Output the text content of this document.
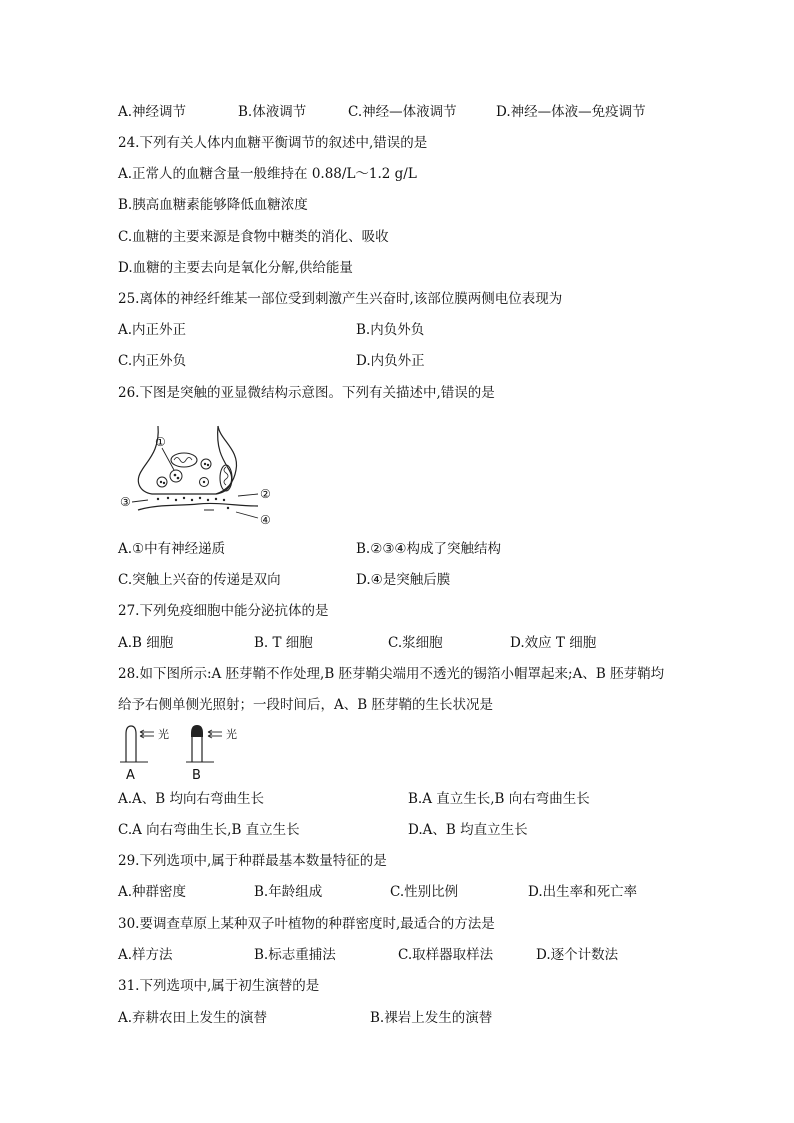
A.神经调节	B.体液调节	C.神经—体液调节	D.神经—体液—免疫调节
24.下列有关人体内血糖平衡调节的叙述中,错误的是
A.正常人的血糖含量一般维持在 0.88/L～1.2 g/L
B.胰高血糖素能够降低血糖浓度
C.血糖的主要来源是食物中糖类的消化、吸收
D.血糖的主要去向是氧化分解,供给能量
25.离体的神经纤维某一部位受到刺激产生兴奋时,该部位膜两侧电位表现为
A.内正外正	B.内负外负
C.内正外负	D.内负外正
26.下图是突触的亚显微结构示意图。下列有关描述中,错误的是
①
②
③
④
A.①中有神经递质	B.②③④构成了突触结构
C.突触上兴奋的传递是双向	D.④是突触后膜
27.下列免疫细胞中能分泌抗体的是
A.B 细胞	B. T 细胞	C.浆细胞	D.效应 T 细胞
28.如下图所示:A 胚芽鞘不作处理,B 胚芽鞘尖端用不透光的锡箔小帽罩起来;A、B 胚芽鞘均
给予右侧单侧光照射；一段时间后，A、B 胚芽鞘的生长状况是
光
A
光
B
A.A、B 均向右弯曲生长	B.A 直立生长,B 向右弯曲生长
C.A 向右弯曲生长,B 直立生长	D.A、B 均直立生长
29.下列选项中,属于种群最基本数量特征的是
A.种群密度	B.年龄组成	C.性别比例	D.出生率和死亡率
30.要调查草原上某种双子叶植物的种群密度时,最适合的方法是
A.样方法	B.标志重捕法	C.取样器取样法	D.逐个计数法
31.下列选项中,属于初生演替的是
A.弃耕农田上发生的演替	B.裸岩上发生的演替
